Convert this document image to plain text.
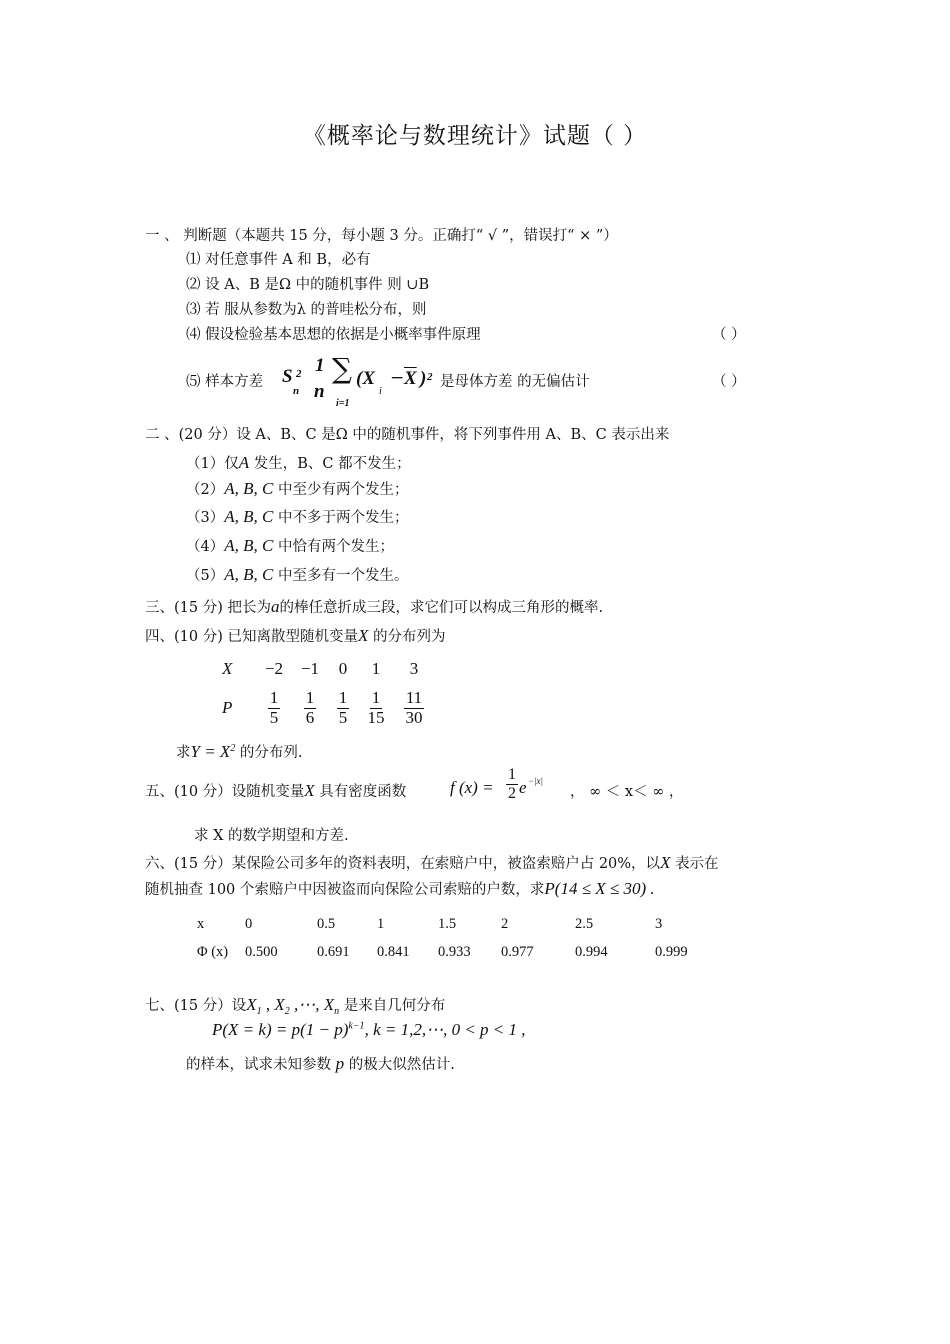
《概率论与数理统计》试题（ ）
一 、 判断题（本题共 15 分，每小题 3 分。正确打“ √ ”，错误打“ × ”）
⑴ 对任意事件 A 和 B，必有
⑵ 设 A、B 是Ω 中的随机事件 则 ∪B
⑶ 若 服从参数为λ 的普哇松分布，则
⑷ 假设检验基本思想的依据是小概率事件原理	（ ）
⑸ 样本方差 S 2
n
1
n
∑
i=1
(X
i
− $\overline{X}$ ) 2 是母体方差 的无偏估计	（ ）
二 、(20 分）设 A、B、C 是Ω 中的随机事件，将下列事件用 A、B、C 表示出来
（1）仅A 发生，B、C 都不发生；
（2）A, B, C 中至少有两个发生；
（3）A, B, C 中不多于两个发生；
（4）A, B, C 中恰有两个发生；
（5）A, B, C 中至多有一个发生。
三、(15 分) 把长为a的棒任意折成三段，求它们可以构成三角形的概率.
四、(10 分) 已知离散型随机变量X 的分布列为
X	−2	−1	0	1	3
P	$\frac{1}{5}$	$\frac{1}{6}$	$\frac{1}{5}$	$\frac{1}{15}$	$\frac{11}{30}$
求$Y = X^2$ 的分布列.
五、(10 分）设随机变量X 具有密度函数	f $(x) = \frac{1}{2}$ e −|x|
， ∞ ＜ x＜ ∞ ，
求 X 的数学期望和方差.
六、(15 分）某保险公司多年的资料表明，在索赔户中，被盗索赔户占 20%，以X 表示在
随机抽查 100 个索赔户中因被盗而向保险公司索赔的户数，求P(14 ≤ X ≤ 30) .
x	0	0.5	1	1.5	2	2.5	3
Φ (x)	0.500	0.691	0.841	0.933	0.977	0.994	0.999
七、(15 分）设$X_1$ , $X_2$ ,⋯, $X_n$ 是来自几何分布
$P(X = k) = p(1 - p)^{k-1}$, k = 1,2,⋯, 0 < p < 1 ,
的样本，试求未知参数 p 的极大似然估计.
